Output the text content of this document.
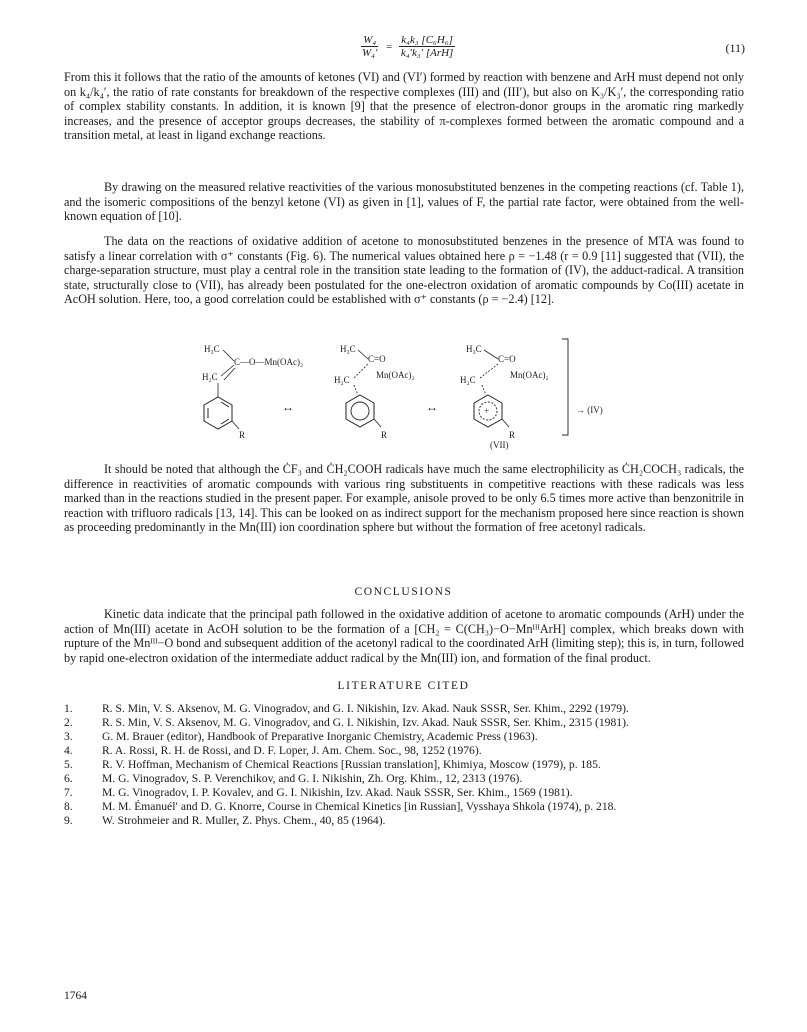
$\frac{\text{W₄}}{\text{W₄′}} = \frac{\text{k₄k₃ [C₆H₆]}}{\text{k₄′k₃′ [ArH]}}$	(11)

From this it follows that the ratio of the amounts of ketones (VI) and (VI′) formed by reaction with benzene and ArH must depend not only on k₄/k₄′, the ratio of rate constants for breakdown of the respective complexes (III) and (III′), but also on K₃/K₃′, the corresponding ratio of complex stability constants. In addition, it is known [9] that the presence of electron-donor groups in the aromatic ring markedly increases, and the presence of acceptor groups decreases, the stability of π-complexes formed between the aromatic compound and a transition metal, at least in ligand exchange reactions.

By drawing on the measured relative reactivities of the various monosubstituted benzenes in the competing reactions (cf. Table 1), and the isomeric compositions of the benzyl ketone (VI) as given in [1], values of F, the partial rate factor, were obtained from the well-known equation of [10].

The data on the reactions of oxidative addition of acetone to monosubstituted benzenes in the presence of MTA was found to satisfy a linear correlation with σ⁺ constants (Fig. 6). The numerical values obtained here ρ = −1.48 (r = 0.9 [11] suggested that (VII), the charge-separation structure, must play a central role in the transition state leading to the formation of (IV), the adduct-radical. A transition state, structurally close to (VII), has already been postulated for the one-electron oxidation of aromatic compounds by Co(III) acetate in AcOH solution. Here, too, a good correlation could be established with σ⁺ constants (ρ = −2.4) [12].

H₃C
C—O—Mn(OAc)₂
H₂C
R
↔
H₃C
C=O
Mn(OAc)₂
H₂C
R
↔
H₃C
C=O
Mn(OAc)₂
H₂C
+
R
→ (IV)
(VII)

It should be noted that although the ĊF₃ and ĊH₂COOH radicals have much the same electrophilicity as ĊH₂COCH₃ radicals, the difference in reactivities of aromatic compounds with various ring substituents in competitive reactions with these radicals was less marked than in the reactions studied in the present paper. For example, anisole proved to be only 6.5 times more active than benzonitrile in reaction with trifluoro radicals [13, 14]. This can be looked on as indirect support for the mechanism proposed here since reaction is shown as proceeding predominantly in the Mn(III) ion coordination sphere but without the formation of free acetonyl radicals.

CONCLUSIONS

Kinetic data indicate that the principal path followed in the oxidative addition of acetone to aromatic compounds (ArH) under the action of Mn(III) acetate in AcOH solution to be the formation of a [CH₂ = C(CH₃)−O−MnᴵᴵᴵArH] complex, which breaks down with rupture of the Mnᴵᴵᴵ−O bond and subsequent addition of the acetonyl radical to the coordinated ArH (limiting step); this is, in turn, followed by rapid one-electron oxidation of the intermediate adduct radical by the Mn(III) ion, and formation of the final product.

LITERATURE CITED
1.	R. S. Min, V. S. Aksenov, M. G. Vinogradov, and G. I. Nikishin, Izv. Akad. Nauk SSSR, Ser. Khim., 2292 (1979).
2.	R. S. Min, V. S. Aksenov, M. G. Vinogradov, and G. I. Nikishin, Izv. Akad. Nauk SSSR, Ser. Khim., 2315 (1981).
3.	G. M. Brauer (editor), Handbook of Preparative Inorganic Chemistry, Academic Press (1963).
4.	R. A. Rossi, R. H. de Rossi, and D. F. Loper, J. Am. Chem. Soc., 98, 1252 (1976).
5.	R. V. Hoffman, Mechanism of Chemical Reactions [Russian translation], Khimiya, Moscow (1979), p. 185.
6.	M. G. Vinogradov, S. P. Verenchikov, and G. I. Nikishin, Zh. Org. Khim., 12, 2313 (1976).
7.	M. G. Vinogradov, I. P. Kovalev, and G. I. Nikishin, Izv. Akad. Nauk SSSR, Ser. Khim., 1569 (1981).
8.	M. M. Émanuél′ and D. G. Knorre, Course in Chemical Kinetics [in Russian], Vysshaya Shkola (1974), p. 218.
9.	W. Strohmeier and R. Muller, Z. Phys. Chem., 40, 85 (1964).
1764
